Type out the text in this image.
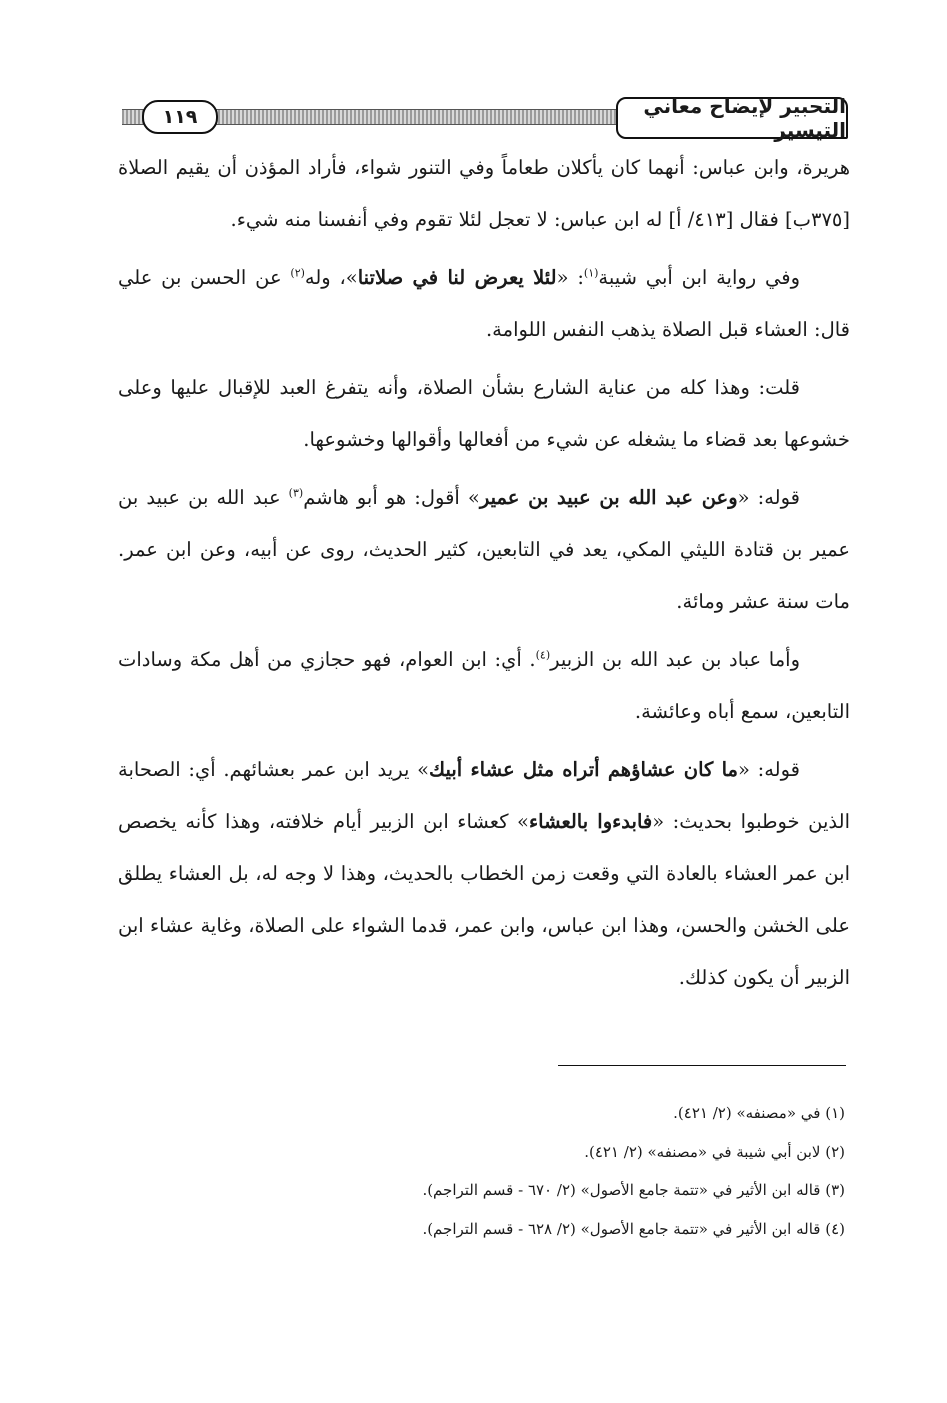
١١٩	التحبير لإيضاح معاني التيسير

هريرة، وابن عباس: أنهما كان يأكلان طعاماً وفي التنور شواء، فأراد المؤذن أن يقيم الصلاة [٣٧٥ب] فقال [٤١٣/ أ] له ابن عباس: لا تعجل لئلا تقوم وفي أنفسنا منه شيء.

وفي رواية ابن أبي شيبة$^{(١)}$: «لئلا يعرض لنا في صلاتنا»، وله$^{(٢)}$ عن الحسن بن علي قال: العشاء قبل الصلاة يذهب النفس اللوامة.

قلت: وهذا كله من عناية الشارع بشأن الصلاة، وأنه يتفرغ العبد للإقبال عليها وعلى خشوعها بعد قضاء ما يشغله عن شيء من أفعالها وأقوالها وخشوعها.

قوله: «وعن عبد الله بن عبيد بن عمير» أقول: هو أبو هاشم$^{(٣)}$ عبد الله بن عبيد بن عمير بن قتادة الليثي المكي، يعد في التابعين، كثير الحديث، روى عن أبيه، وعن ابن عمر. مات سنة عشر ومائة.

وأما عباد بن عبد الله بن الزبير$^{(٤)}$. أي: ابن العوام، فهو حجازي من أهل مكة وسادات التابعين، سمع أباه وعائشة.

قوله: «ما كان عشاؤهم أتراه مثل عشاء أبيك» يريد ابن عمر بعشائهم. أي: الصحابة الذين خوطبوا بحديث: «فابدءوا بالعشاء» كعشاء ابن الزبير أيام خلافته، وهذا كأنه يخصص ابن عمر العشاء بالعادة التي وقعت زمن الخطاب بالحديث، وهذا لا وجه له، بل العشاء يطلق على الخشن والحسن، وهذا ابن عباس، وابن عمر، قدما الشواء على الصلاة، وغاية عشاء ابن الزبير أن يكون كذلك.

(١) في «مصنفه» (٢/ ٤٢١).

(٢) لابن أبي شيبة في «مصنفه» (٢/ ٤٢١).

(٣) قاله ابن الأثير في «تتمة جامع الأصول» (٢/ ٦٧٠ - قسم التراجم).

(٤) قاله ابن الأثير في «تتمة جامع الأصول» (٢/ ٦٢٨ - قسم التراجم).
